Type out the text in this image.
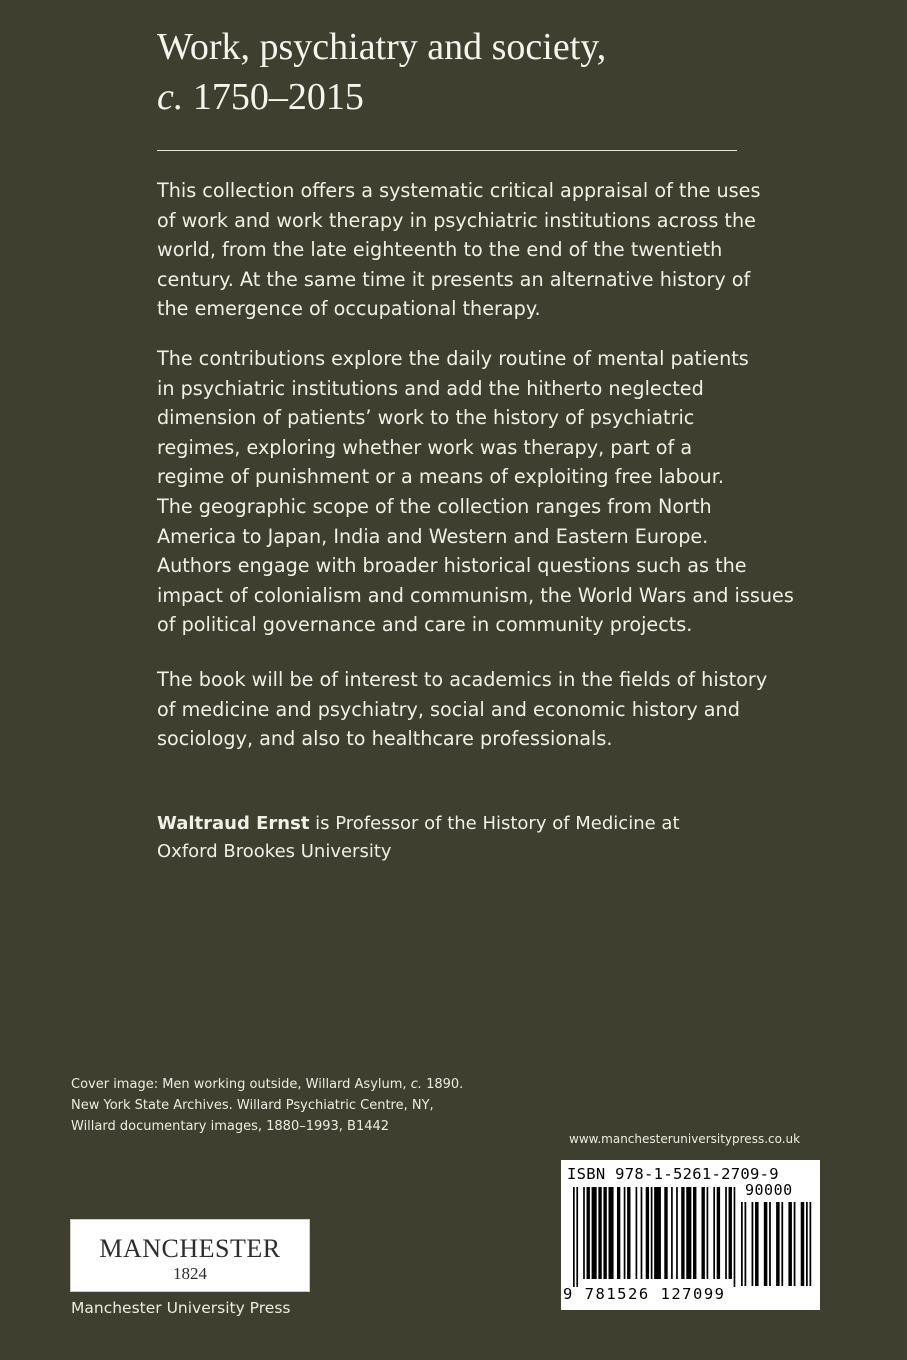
Work, psychiatry and society,
c. 1750–2015

This collection offers a systematic critical appraisal of the uses
of work and work therapy in psychiatric institutions across the
world, from the late eighteenth to the end of the twentieth
century. At the same time it presents an alternative history of
the emergence of occupational therapy.

The contributions explore the daily routine of mental patients
in psychiatric institutions and add the hitherto neglected
dimension of patients’ work to the history of psychiatric
regimes, exploring whether work was therapy, part of a
regime of punishment or a means of exploiting free labour.
The geographic scope of the collection ranges from North
America to Japan, India and Western and Eastern Europe.
Authors engage with broader historical questions such as the
impact of colonialism and communism, the World Wars and issues
of political governance and care in community projects.

The book will be of interest to academics in the fields of history
of medicine and psychiatry, social and economic history and
sociology, and also to healthcare professionals.

Waltraud Ernst is Professor of the History of Medicine at
Oxford Brookes University

Cover image: Men working outside, Willard Asylum, c. 1890.
New York State Archives. Willard Psychiatric Centre, NY,
Willard documentary images, 1880–1993, B1442
www.manchesteruniversitypress.co.uk
ISBN 978-1-5261-2709-9
90000
9 781526 127099
MANCHESTER
1824
Manchester University Press
